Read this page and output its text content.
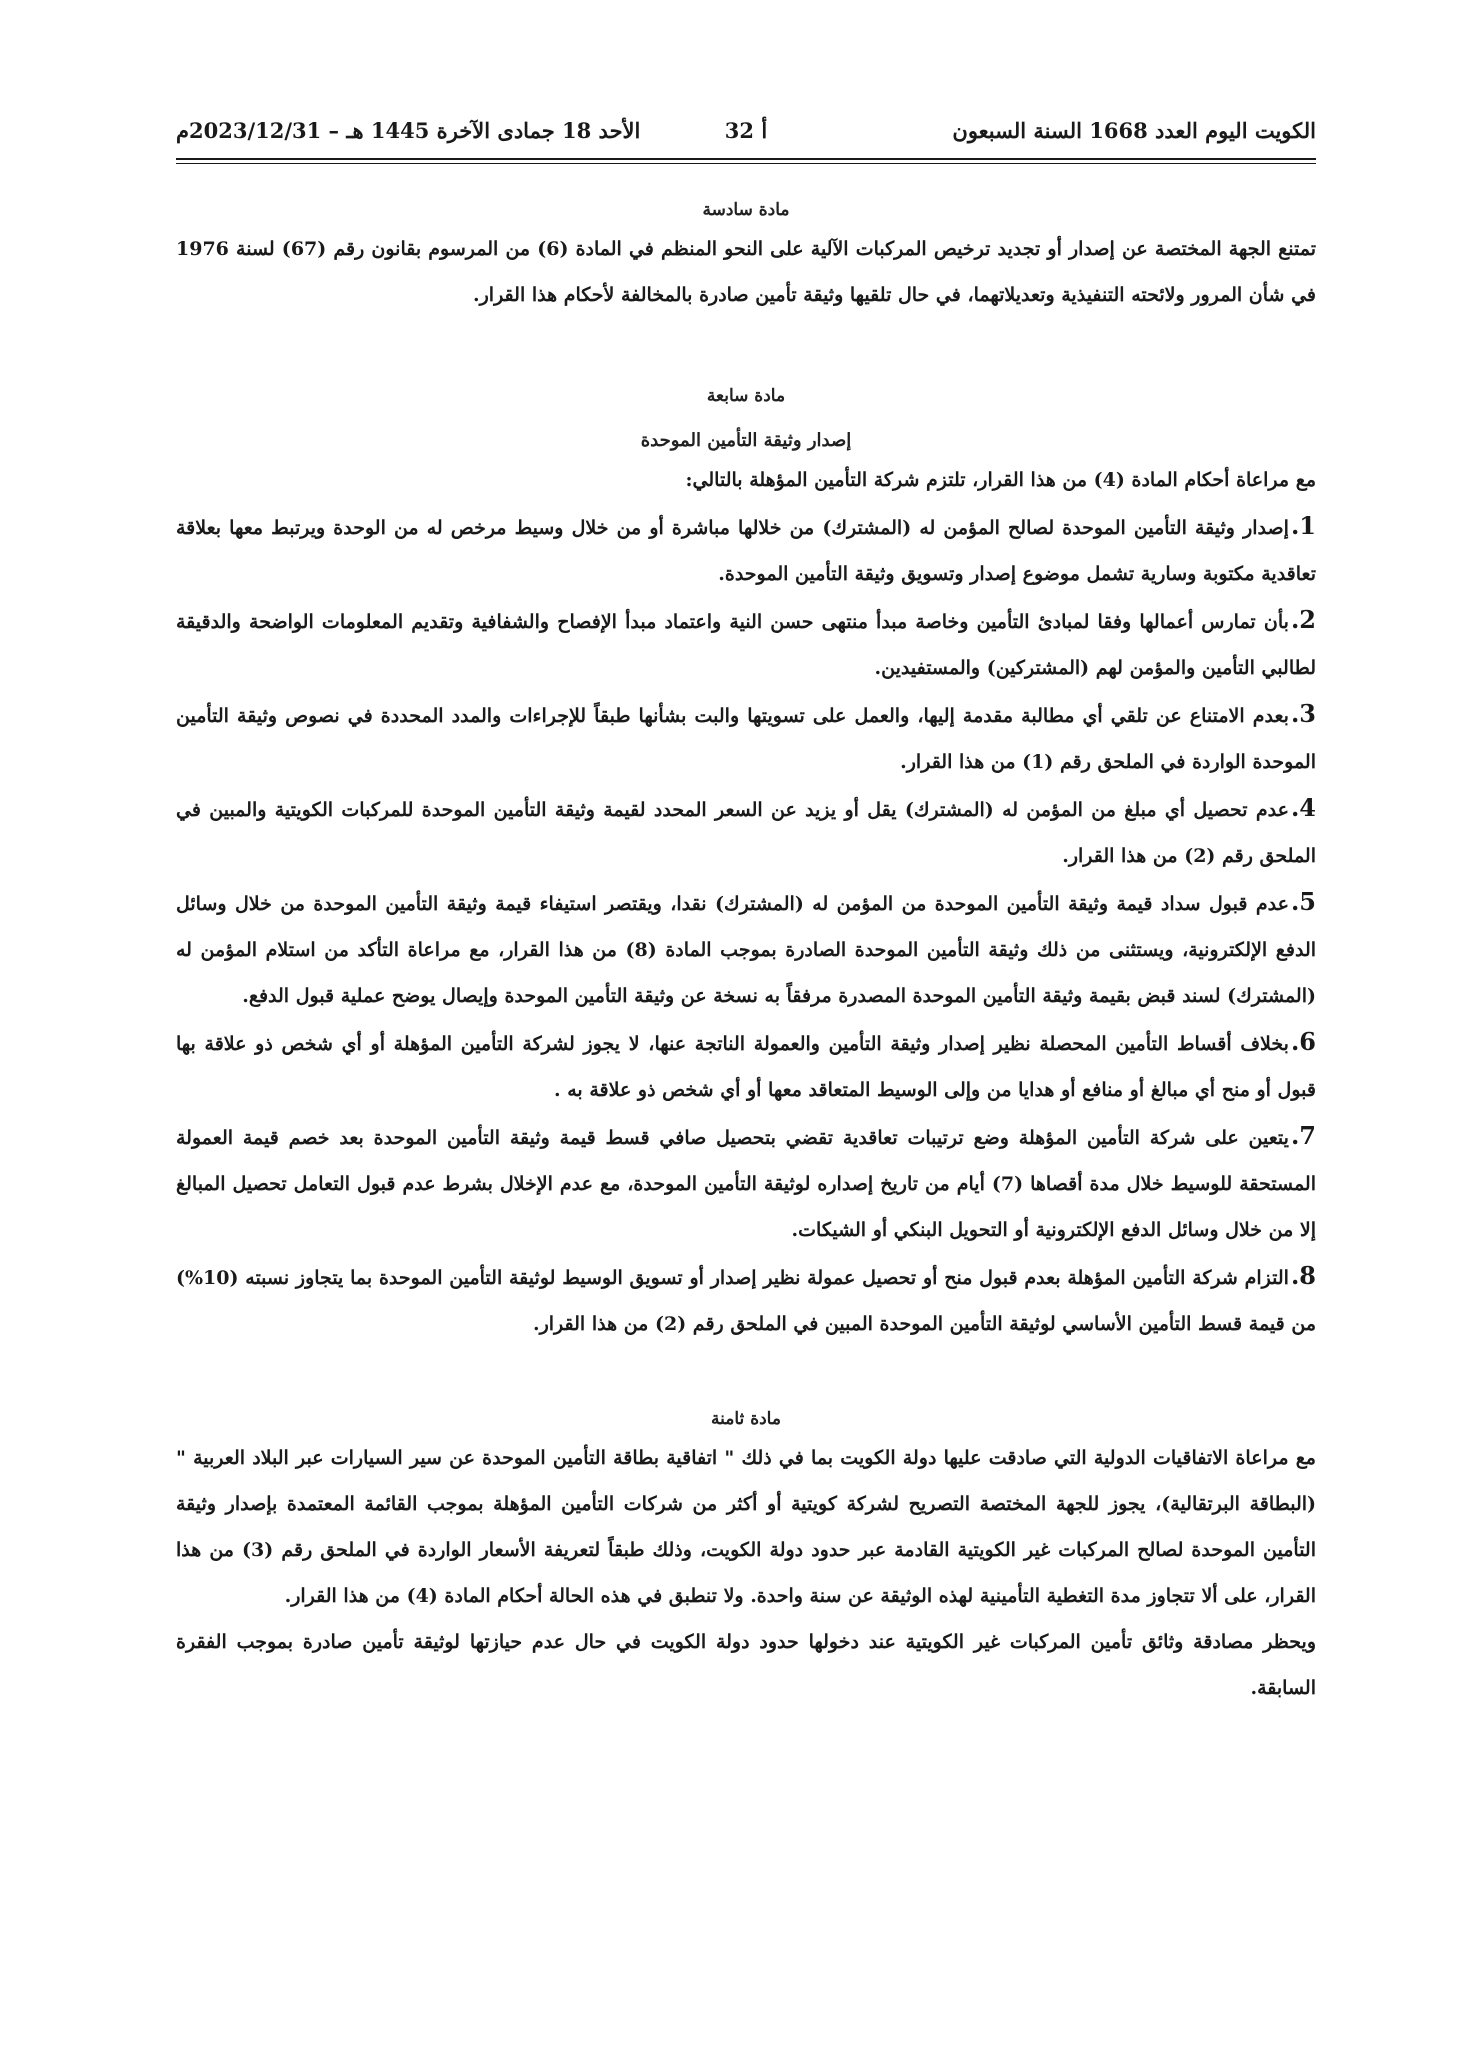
الكويت اليوم العدد 1668 السنة السبعون
أ 32
الأحد 18 جمادى الآخرة 1445 هـ – 2023/12/31م
مادة سادسة
تمتنع الجهة المختصة عن إصدار أو تجديد ترخيص المركبات الآلية على النحو المنظم في المادة (6) من المرسوم بقانون رقم (67) لسنة 1976 في شأن المرور ولائحته التنفيذية وتعديلاتهما، في حال تلقيها وثيقة تأمين صادرة بالمخالفة لأحكام هذا القرار.
مادة سابعة
إصدار وثيقة التأمين الموحدة
مع مراعاة أحكام المادة (4) من هذا القرار، تلتزم شركة التأمين المؤهلة بالتالي:
1.إصدار وثيقة التأمين الموحدة لصالح المؤمن له (المشترك) من خلالها مباشرة أو من خلال وسيط مرخص له من الوحدة ويرتبط معها بعلاقة تعاقدية مكتوبة وسارية تشمل موضوع إصدار وتسويق وثيقة التأمين الموحدة.
2.بأن تمارس أعمالها وفقا لمبادئ التأمين وخاصة مبدأ منتهى حسن النية واعتماد مبدأ الإفصاح والشفافية وتقديم المعلومات الواضحة والدقيقة لطالبي التأمين والمؤمن لهم (المشتركين) والمستفيدين.
3.بعدم الامتناع عن تلقي أي مطالبة مقدمة إليها، والعمل على تسويتها والبت بشأنها طبقاً للإجراءات والمدد المحددة في نصوص وثيقة التأمين الموحدة الواردة في الملحق رقم (1) من هذا القرار.
4.عدم تحصيل أي مبلغ من المؤمن له (المشترك) يقل أو يزيد عن السعر المحدد لقيمة وثيقة التأمين الموحدة للمركبات الكويتية والمبين في الملحق رقم (2) من هذا القرار.
5.عدم قبول سداد قيمة وثيقة التأمين الموحدة من المؤمن له (المشترك) نقدا، ويقتصر استيفاء قيمة وثيقة التأمين الموحدة من خلال وسائل الدفع الإلكترونية، ويستثنى من ذلك وثيقة التأمين الموحدة الصادرة بموجب المادة (8) من هذا القرار، مع مراعاة التأكد من استلام المؤمن له (المشترك) لسند قبض بقيمة وثيقة التأمين الموحدة المصدرة مرفقاً به نسخة عن وثيقة التأمين الموحدة وإيصال يوضح عملية قبول الدفع.
6.بخلاف أقساط التأمين المحصلة نظير إصدار وثيقة التأمين والعمولة الناتجة عنها، لا يجوز لشركة التأمين المؤهلة أو أي شخص ذو علاقة بها قبول أو منح أي مبالغ أو منافع أو هدايا من وإلى الوسيط المتعاقد معها أو أي شخص ذو علاقة به .
7.يتعين على شركة التأمين المؤهلة وضع ترتيبات تعاقدية تقضي بتحصيل صافي قسط قيمة وثيقة التأمين الموحدة بعد خصم قيمة العمولة المستحقة للوسيط خلال مدة أقصاها (7) أيام من تاريخ إصداره لوثيقة التأمين الموحدة، مع عدم الإخلال بشرط عدم قبول التعامل تحصيل المبالغ إلا من خلال وسائل الدفع الإلكترونية أو التحويل البنكي أو الشيكات.
8.التزام شركة التأمين المؤهلة بعدم قبول منح أو تحصيل عمولة نظير إصدار أو تسويق الوسيط لوثيقة التأمين الموحدة بما يتجاوز نسبته (10%) من قيمة قسط التأمين الأساسي لوثيقة التأمين الموحدة المبين في الملحق رقم (2) من هذا القرار.
مادة ثامنة
مع مراعاة الاتفاقيات الدولية التي صادقت عليها دولة الكويت بما في ذلك " اتفاقية بطاقة التأمين الموحدة عن سير السيارات عبر البلاد العربية " (البطاقة البرتقالية)، يجوز للجهة المختصة التصريح لشركة كويتية أو أكثر من شركات التأمين المؤهلة بموجب القائمة المعتمدة بإصدار وثيقة التأمين الموحدة لصالح المركبات غير الكويتية القادمة عبر حدود دولة الكويت، وذلك طبقاً لتعريفة الأسعار الواردة في الملحق رقم (3) من هذا القرار، على ألا تتجاوز مدة التغطية التأمينية لهذه الوثيقة عن سنة واحدة. ولا تنطبق في هذه الحالة أحكام المادة (4) من هذا القرار.
ويحظر مصادقة وثائق تأمين المركبات غير الكويتية عند دخولها حدود دولة الكويت في حال عدم حيازتها لوثيقة تأمين صادرة بموجب الفقرة السابقة.
